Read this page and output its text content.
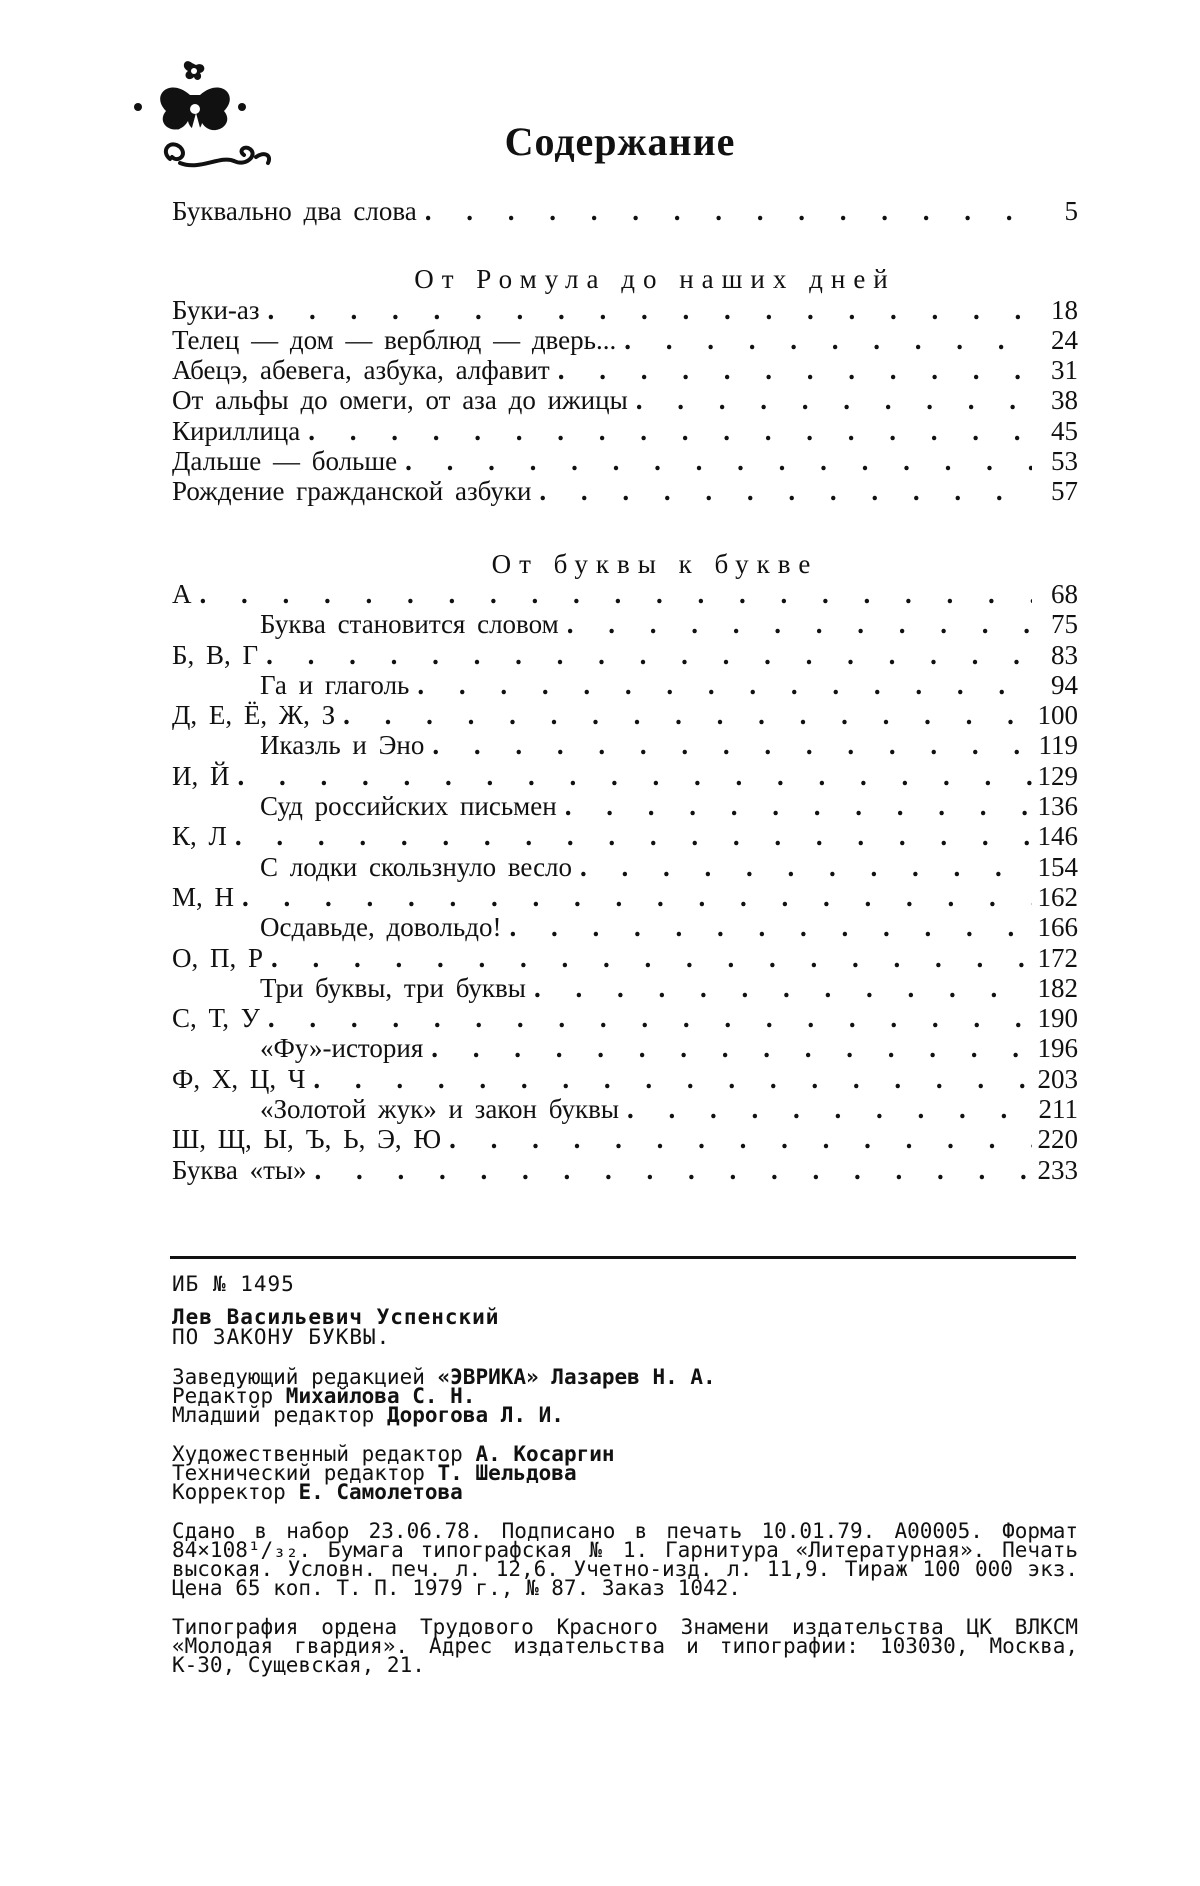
Содержание
Буквально два слова . . .	5
От Ромула до наших дней
Буки-аз . . .	18
Телец — дом — верблюд — дверь... . . .	24
Абецэ, абевега, азбука, алфавит . . .	31
От альфы до омеги, от аза до ижицы . . .	38
Кириллица . . .	45
Дальше — больше . . .	53
Рождение гражданской азбуки . . .	57
От буквы к букве
А . . .	68
Буква становится словом . . .	75
Б, В, Г . . .	83
Га и глаголь . . .	94
Д, Е, Ё, Ж, З . . .	100
Иказль и Эно . . .	119
И, Й . . .	129
Суд российских письмен . . .	136
К, Л . . .	146
С лодки скользнуло весло . . .	154
М, Н . . .	162
Осдавьде, довольдо! . . .	166
О, П, Р . . .	172
Три буквы, три буквы . . .	182
С, Т, У . . .	190
«Фу»-история . . .	196
Ф, Х, Ц, Ч . . .	203
«Золотой жук» и закон буквы . . .	211
Ш, Щ, Ы, Ъ, Ь, Э, Ю . . .	220
Буква «ты» . . .	233

ИБ № 1495

Лев Васильевич Успенский

ПО ЗАКОНУ БУКВЫ.

Заведующий редакцией «ЭВРИКА» Лазарев Н. А.

Редактор Михайлова С. Н.

Младший редактор Дорогова Л. И.

Художественный редактор А. Косаргин

Технический редактор Т. Шельдова

Корректор Е. Самолетова

Сдано в набор 23.06.78. Подписано в печать 10.01.79. А00005. Формат 84×108¹/₃₂. Бумага типографская № 1. Гарнитура «Литературная». Печать высокая. Условн. печ. л. 12,6. Учетно-изд. л. 11,9. Тираж 100 000 экз. Цена 65 коп. Т. П. 1979 г., № 87. Заказ 1042.

Типография ордена Трудового Красного Знамени издательства ЦК ВЛКСМ «Молодая гвардия». Адрес издательства и типографии: 103030, Москва, К-30, Сущевская, 21.
